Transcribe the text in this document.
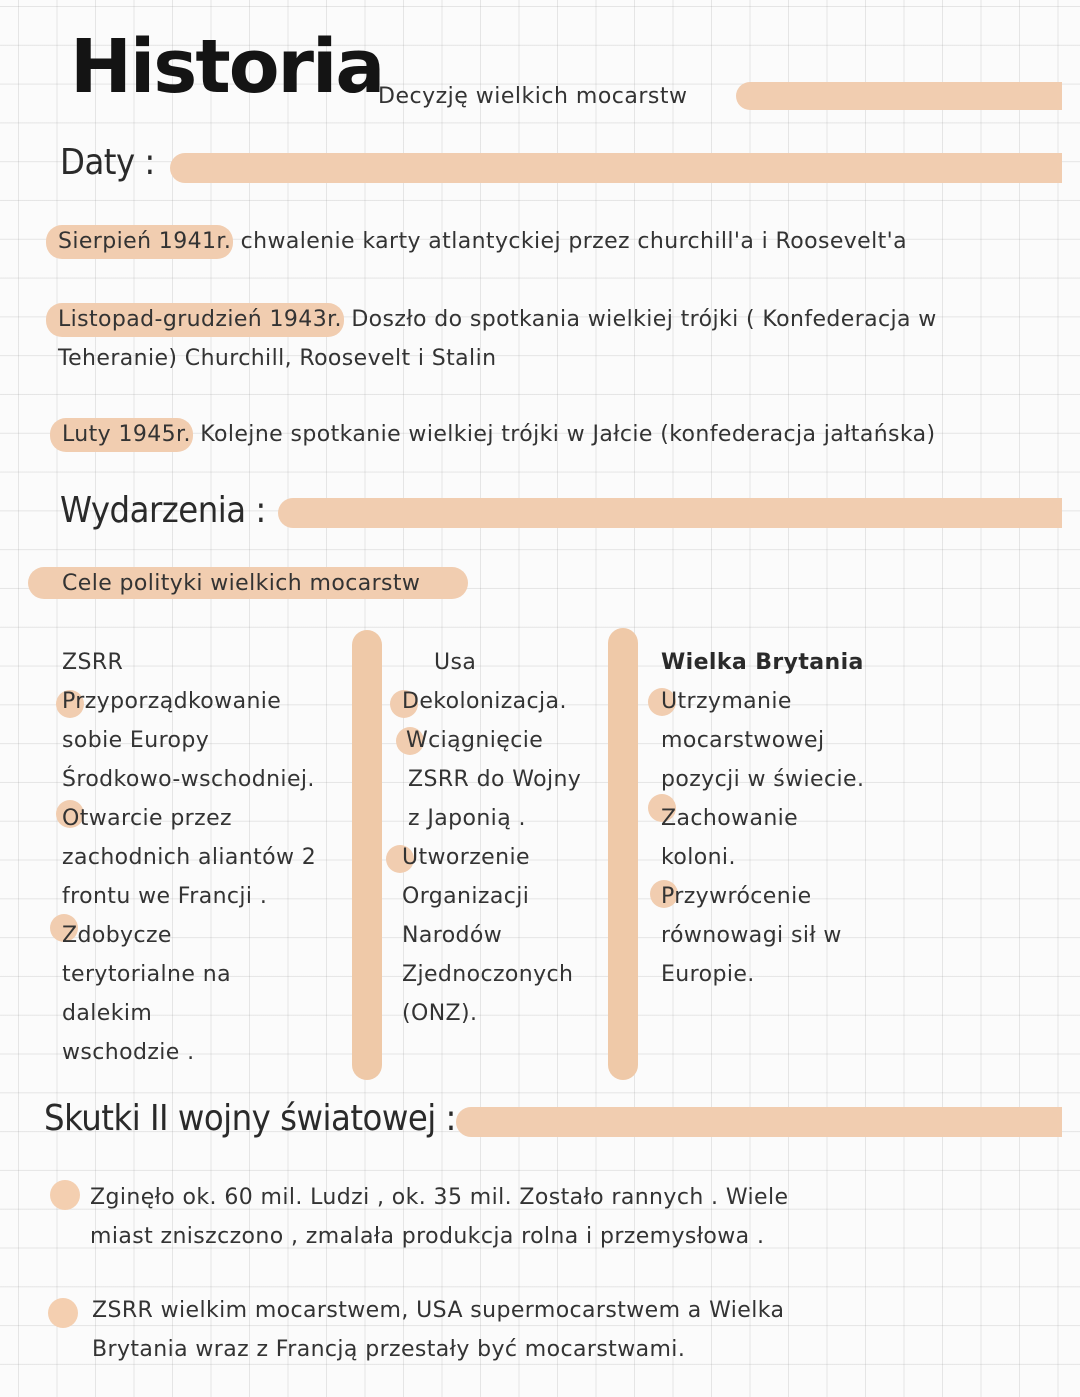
Historia
Decyzję wielkich mocarstw
Daty :
Sierpień 1941r. chwalenie karty atlantyckiej przez churchill'a i Roosevelt'a
Listopad-grudzień 1943r. Doszło do spotkania wielkiej trójki ( Konfederacja w
Teheranie) Churchill, Roosevelt i Stalin
Luty 1945r. Kolejne spotkanie wielkiej trójki w Jałcie (konfederacja jałtańska)
Wydarzenia :
Cele polityki wielkich mocarstw
ZSRR
Przyporządkowanie
sobie Europy
Środkowo-wschodniej.
Otwarcie przez
zachodnich aliantów 2
frontu we Francji .
Zdobycze
terytorialne na
dalekim
wschodzie .
Usa
Dekolonizacja.
Wciągnięcie
ZSRR do Wojny
z Japonią .
Utworzenie
Organizacji
Narodów
Zjednoczonych
(ONZ).
Wielka Brytania
Utrzymanie
mocarstwowej
pozycji w świecie.
Zachowanie
koloni.
Przywrócenie
równowagi sił w
Europie.
Skutki II wojny światowej :
Zginęło ok. 60 mil. Ludzi , ok. 35 mil. Zostało rannych . Wiele
miast zniszczono , zmalała produkcja rolna i przemysłowa .
ZSRR wielkim mocarstwem, USA supermocarstwem a Wielka
Brytania wraz z Francją przestały być mocarstwami.
